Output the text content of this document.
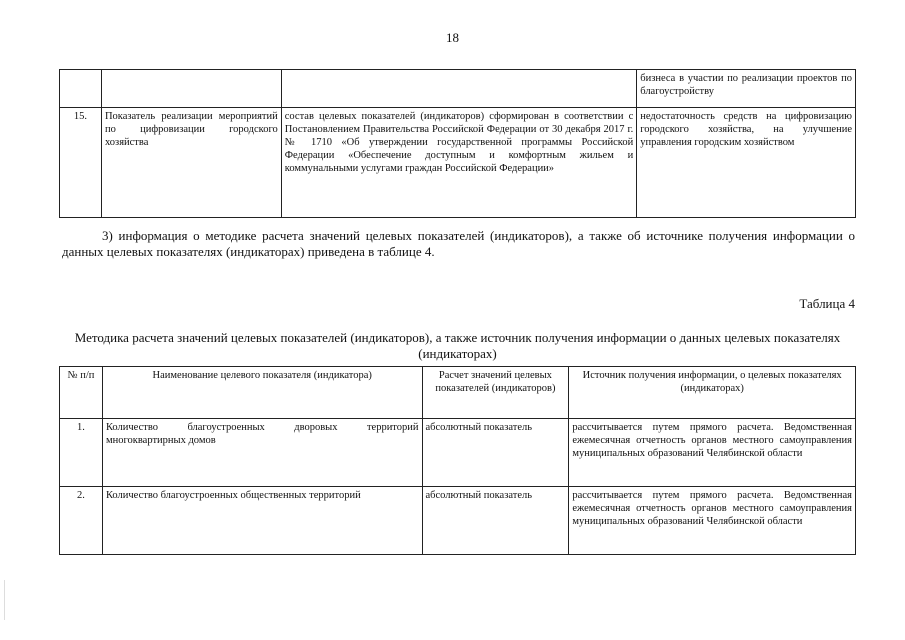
18
			бизнеса в участии по реализации проектов по благоустройству
15.	Показатель реализации мероприятий по цифровизации городского хозяйства	состав целевых показателей (индикаторов) сформирован в соответствии с Постановлением Правительства Российской Федерации от 30 декабря 2017 г. № 1710 «Об утверждении государственной программы Российской Федерации «Обеспечение доступным и комфортным жильем и коммунальными услугами граждан Российской Федерации»	недостаточность средств на цифровизацию городского хозяйства, на улучшение управления городским хозяйством
3) информация о методике расчета значений целевых показателей (индикаторов), а также об источнике получения информации о данных целевых показателях (индикаторах) приведена в таблице 4.
Таблица 4
Методика расчета значений целевых показателей (индикаторов), а также источник получения информации о данных целевых показателях (индикаторах)
№ п/п	Наименование целевого показателя (индикатора)	Расчет значений целевых показателей (индикаторов)	Источник получения информации, о целевых показателях (индикаторах)
1.	Количество благоустроенных дворовых территорий многоквартирных домов	абсолютный показатель	рассчитывается путем прямого расчета. Ведомственная ежемесячная отчетность органов местного самоуправления муниципальных образований Челябинской области
2.	Количество благоустроенных общественных территорий	абсолютный показатель	рассчитывается путем прямого расчета. Ведомственная ежемесячная отчетность органов местного самоуправления муниципальных образований Челябинской области
